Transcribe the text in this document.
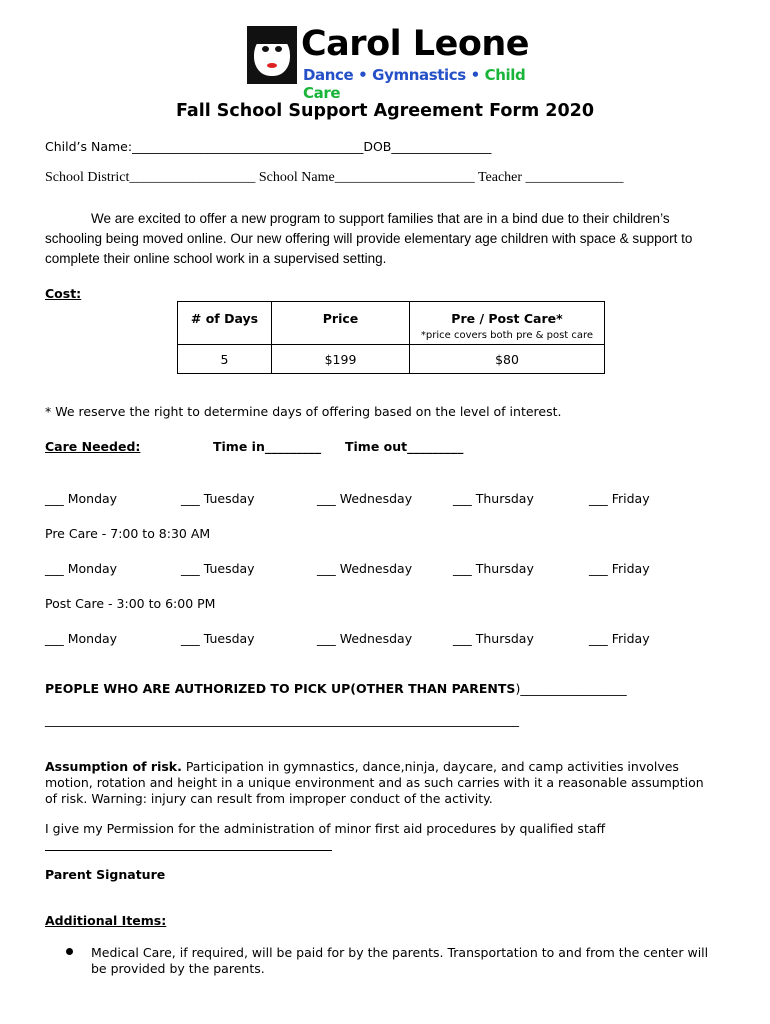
Carol Leone
Dance • Gymnastics • Child Care
Fall School Support Agreement Form 2020
Child’s Name:_____________________________________DOB________________
School District__________________ School Name____________________ Teacher ______________
We are excited to offer a new program to support families that are in a bind due to their children’s
schooling being moved online. Our new offering will provide elementary age children with space & support to
complete their online school work in a supervised setting.
Cost:
# of Days	Price	Pre / Post Care*
*price covers both pre & post care

5	$199	$80
* We reserve the right to determine days of offering based on the level of interest.
Care Needed:	Time in_________ Time out_________
___ Monday	___ Tuesday	___ Wednesday	___ Thursday	___ Friday
Pre Care - 7:00 to 8:30 AM
___ Monday	___ Tuesday	___ Wednesday	___ Thursday	___ Friday
Post Care - 3:00 to 6:00 PM
___ Monday	___ Tuesday	___ Wednesday	___ Thursday	___ Friday
PEOPLE WHO ARE AUTHORIZED TO PICK UP(OTHER THAN PARENTS)_________________
_______________________________________________________________________________
Assumption of risk. Participation in gymnastics, dance,ninja, daycare, and camp activities involves
motion, rotation and height in a unique environment and as such carries with it a reasonable assumption
of risk. Warning: injury can result from improper conduct of the activity.
I give my Permission for the administration of minor first aid procedures by qualified staff
Parent Signature
Additional Items:
Medical Care, if required, will be paid for by the parents. Transportation to and from the center will
be provided by the parents.
